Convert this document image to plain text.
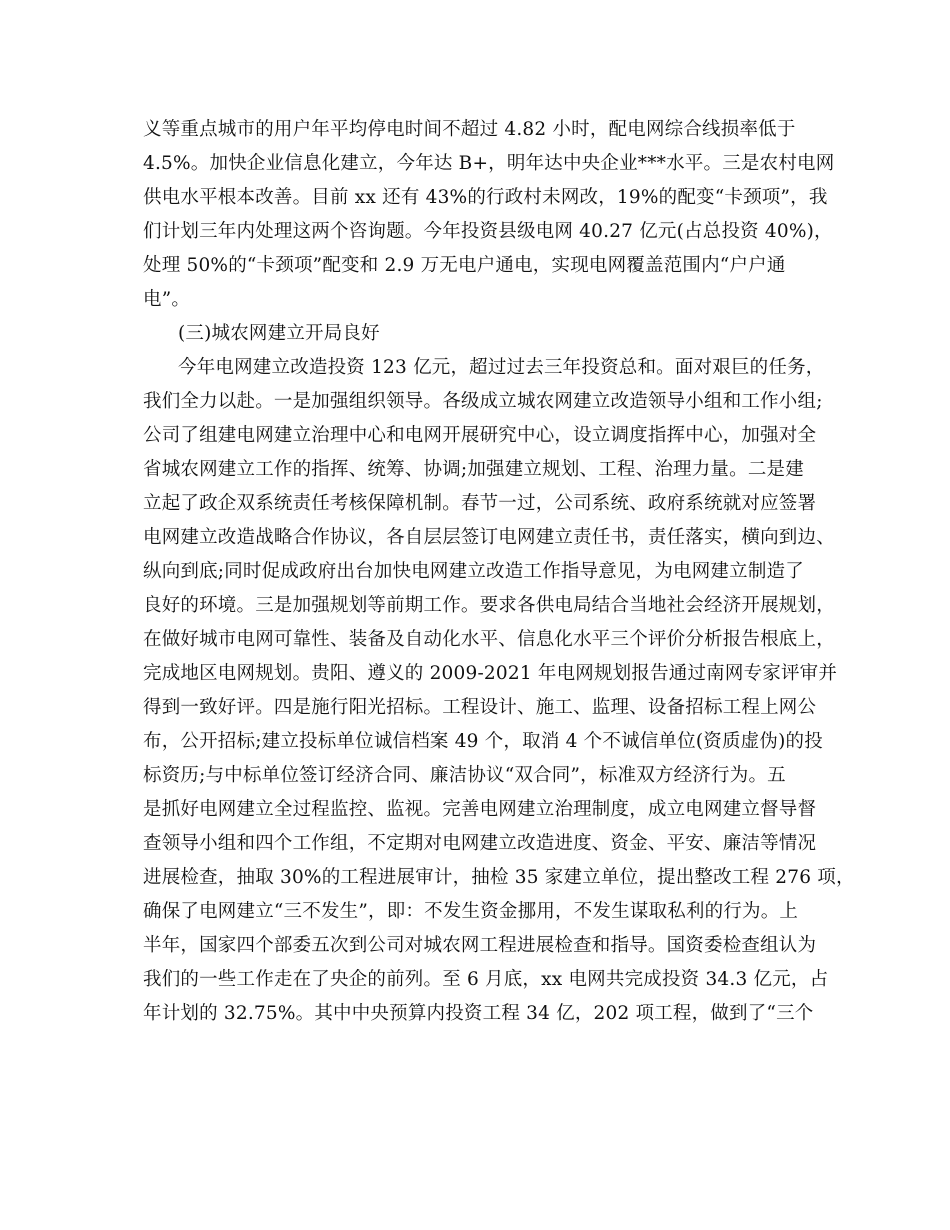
义等重点城市的用户年平均停电时间不超过 4.82 小时，配电网综合线损率低于
4.5%。加快企业信息化建立，今年达 B+，明年达中央企业***水平。三是农村电网
供电水平根本改善。目前 xx 还有 43%的行政村未网改，19%的配变“卡颈项”，我
们计划三年内处理这两个咨询题。今年投资县级电网 40.27 亿元(占总投资 40%)，
处理 50%的“卡颈项”配变和 2.9 万无电户通电，实现电网覆盖范围内“户户通
电”。
(三)城农网建立开局良好
今年电网建立改造投资 123 亿元，超过过去三年投资总和。面对艰巨的任务，
我们全力以赴。一是加强组织领导。各级成立城农网建立改造领导小组和工作小组;
公司了组建电网建立治理中心和电网开展研究中心，设立调度指挥中心，加强对全
省城农网建立工作的指挥、统筹、协调;加强建立规划、工程、治理力量。二是建
立起了政企双系统责任考核保障机制。春节一过，公司系统、政府系统就对应签署
电网建立改造战略合作协议，各自层层签订电网建立责任书，责任落实，横向到边、
纵向到底;同时促成政府出台加快电网建立改造工作指导意见，为电网建立制造了
良好的环境。三是加强规划等前期工作。要求各供电局结合当地社会经济开展规划，
在做好城市电网可靠性、装备及自动化水平、信息化水平三个评价分析报告根底上，
完成地区电网规划。贵阳、遵义的 2009-2021 年电网规划报告通过南网专家评审并
得到一致好评。四是施行阳光招标。工程设计、施工、监理、设备招标工程上网公
布，公开招标;建立投标单位诚信档案 49 个，取消 4 个不诚信单位(资质虚伪)的投
标资历;与中标单位签订经济合同、廉洁协议“双合同”，标准双方经济行为。五
是抓好电网建立全过程监控、监视。完善电网建立治理制度，成立电网建立督导督
查领导小组和四个工作组，不定期对电网建立改造进度、资金、平安、廉洁等情况
进展检查，抽取 30%的工程进展审计，抽检 35 家建立单位，提出整改工程 276 项，
确保了电网建立“三不发生”，即：不发生资金挪用，不发生谋取私利的行为。上
半年，国家四个部委五次到公司对城农网工程进展检查和指导。国资委检查组认为
我们的一些工作走在了央企的前列。至 6 月底，xx 电网共完成投资 34.3 亿元，占
年计划的 32.75%。其中中央预算内投资工程 34 亿，202 项工程，做到了“三个
